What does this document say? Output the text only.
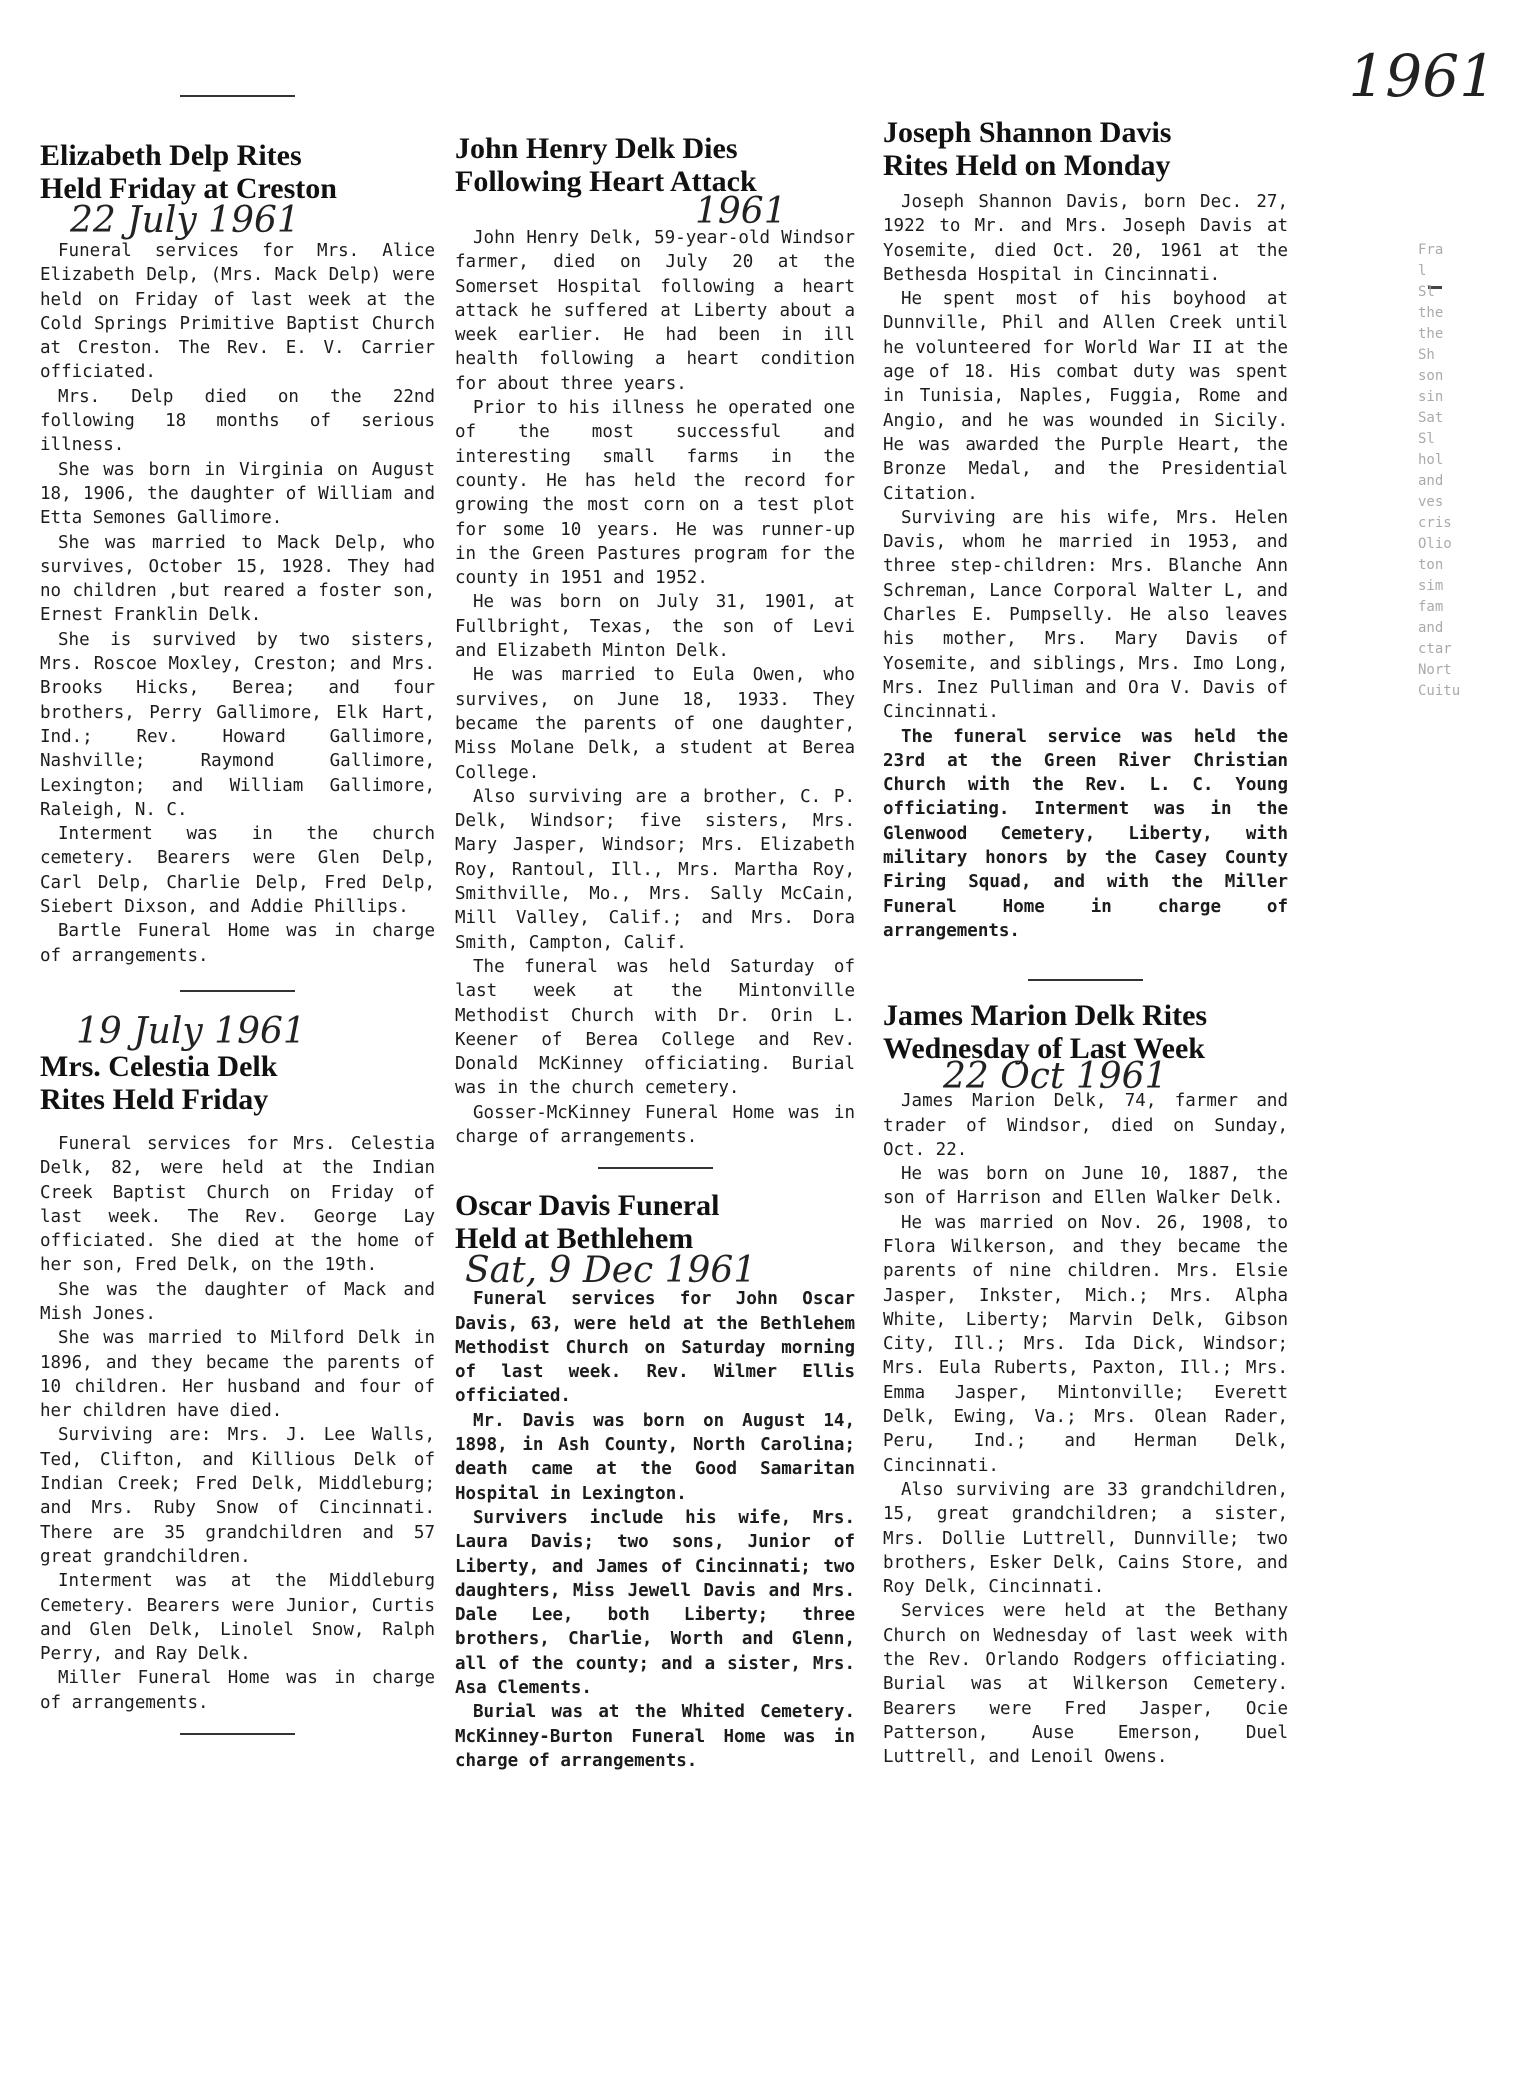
1961
Fra
l
Sl
the
the
Sh
son
sin
Sat
Sl
hol
and
ves
cris
Olio
ton
sim
fam
and
ctar
Nort
Cuitu
Elizabeth Delp Rites
Held Friday at Creston
22 July 1961

Funeral services for Mrs. Alice Elizabeth Delp, (Mrs. Mack Delp) were held on Friday of last week at the Cold Springs Primitive Baptist Church at Creston. The Rev. E. V. Carrier officiated.

Mrs. Delp died on the 22nd following 18 months of serious illness.

She was born in Virginia on August 18, 1906, the daughter of William and Etta Semones Gallimore.

She was married to Mack Delp, who survives, October 15, 1928. They had no children ,but reared a foster son, Ernest Franklin Delk.

She is survived by two sisters, Mrs. Roscoe Moxley, Creston; and Mrs. Brooks Hicks, Berea; and four brothers, Perry Gallimore, Elk Hart, Ind.; Rev. Howard Gallimore, Nashville; Raymond Gallimore, Lexington; and William Gallimore, Raleigh, N. C.

Interment was in the church cemetery. Bearers were Glen Delp, Carl Delp, Charlie Delp, Fred Delp, Siebert Dixson, and Addie Phillips.

Bartle Funeral Home was in charge of arrangements.

19 July 1961
Mrs. Celestia Delk
Rites Held Friday

Funeral services for Mrs. Celestia Delk, 82, were held at the Indian Creek Baptist Church on Friday of last week. The Rev. George Lay officiated. She died at the home of her son, Fred Delk, on the 19th.

She was the daughter of Mack and Mish Jones.

She was married to Milford Delk in 1896, and they became the parents of 10 children. Her husband and four of her children have died.

Surviving are: Mrs. J. Lee Walls, Ted, Clifton, and Killious Delk of Indian Creek; Fred Delk, Middleburg; and Mrs. Ruby Snow of Cincinnati. There are 35 grandchildren and 57 great grandchildren.

Interment was at the Middleburg Cemetery. Bearers were Junior, Curtis and Glen Delk, Linolel Snow, Ralph Perry, and Ray Delk.

Miller Funeral Home was in charge of arrangements.

John Henry Delk Dies
Following Heart Attack
1961

John Henry Delk, 59-year-old Windsor farmer, died on July 20 at the Somerset Hospital following a heart attack he suffered at Liberty about a week earlier. He had been in ill health following a heart condition for about three years.

Prior to his illness he operated one of the most successful and interesting small farms in the county. He has held the record for growing the most corn on a test plot for some 10 years. He was runner-up in the Green Pastures program for the county in 1951 and 1952.

He was born on July 31, 1901, at Fullbright, Texas, the son of Levi and Elizabeth Minton Delk.

He was married to Eula Owen, who survives, on June 18, 1933. They became the parents of one daughter, Miss Molane Delk, a student at Berea College.

Also surviving are a brother, C. P. Delk, Windsor; five sisters, Mrs. Mary Jasper, Windsor; Mrs. Elizabeth Roy, Rantoul, Ill., Mrs. Martha Roy, Smithville, Mo., Mrs. Sally McCain, Mill Valley, Calif.; and Mrs. Dora Smith, Campton, Calif.

The funeral was held Saturday of last week at the Mintonville Methodist Church with Dr. Orin L. Keener of Berea College and Rev. Donald McKinney officiating. Burial was in the church cemetery.

Gosser-McKinney Funeral Home was in charge of arrangements.

Oscar Davis Funeral
Held at Bethlehem
Sat, 9 Dec 1961

Funeral services for John Oscar Davis, 63, were held at the Bethlehem Methodist Church on Saturday morning of last week. Rev. Wilmer Ellis officiated.

Mr. Davis was born on August 14, 1898, in Ash County, North Carolina; death came at the Good Samaritan Hospital in Lexington.

Survivers include his wife, Mrs. Laura Davis; two sons, Junior of Liberty, and James of Cincinnati; two daughters, Miss Jewell Davis and Mrs. Dale Lee, both Liberty; three brothers, Charlie, Worth and Glenn, all of the county; and a sister, Mrs. Asa Clements.

Burial was at the Whited Cemetery. McKinney-Burton Funeral Home was in charge of arrangements.

Joseph Shannon Davis
Rites Held on Monday

Joseph Shannon Davis, born Dec. 27, 1922 to Mr. and Mrs. Joseph Davis at Yosemite, died Oct. 20, 1961 at the Bethesda Hospital in Cincinnati.

He spent most of his boyhood at Dunnville, Phil and Allen Creek until he volunteered for World War II at the age of 18. His combat duty was spent in Tunisia, Naples, Fuggia, Rome and Angio, and he was wounded in Sicily. He was awarded the Purple Heart, the Bronze Medal, and the Presidential Citation.

Surviving are his wife, Mrs. Helen Davis, whom he married in 1953, and three step-children: Mrs. Blanche Ann Schreman, Lance Corporal Walter L, and Charles E. Pumpselly. He also leaves his mother, Mrs. Mary Davis of Yosemite, and siblings, Mrs. Imo Long, Mrs. Inez Pulliman and Ora V. Davis of Cincinnati.

The funeral service was held the 23rd at the Green River Christian Church with the Rev. L. C. Young officiating. Interment was in the Glenwood Cemetery, Liberty, with military honors by the Casey County Firing Squad, and with the Miller Funeral Home in charge of arrangements.

James Marion Delk Rites
Wednesday of Last Week
22 Oct 1961

James Marion Delk, 74, farmer and trader of Windsor, died on Sunday, Oct. 22.

He was born on June 10, 1887, the son of Harrison and Ellen Walker Delk.

He was married on Nov. 26, 1908, to Flora Wilkerson, and they became the parents of nine children. Mrs. Elsie Jasper, Inkster, Mich.; Mrs. Alpha White, Liberty; Marvin Delk, Gibson City, Ill.; Mrs. Ida Dick, Windsor; Mrs. Eula Ruberts, Paxton, Ill.; Mrs. Emma Jasper, Mintonville; Everett Delk, Ewing, Va.; Mrs. Olean Rader, Peru, Ind.; and Herman Delk, Cincinnati.

Also surviving are 33 grandchildren, 15, great grandchildren; a sister, Mrs. Dollie Luttrell, Dunnville; two brothers, Esker Delk, Cains Store, and Roy Delk, Cincinnati.

Services were held at the Bethany Church on Wednesday of last week with the Rev. Orlando Rodgers officiating. Burial was at Wilkerson Cemetery. Bearers were Fred Jasper, Ocie Patterson, Ause Emerson, Duel Luttrell, and Lenoil Owens.
